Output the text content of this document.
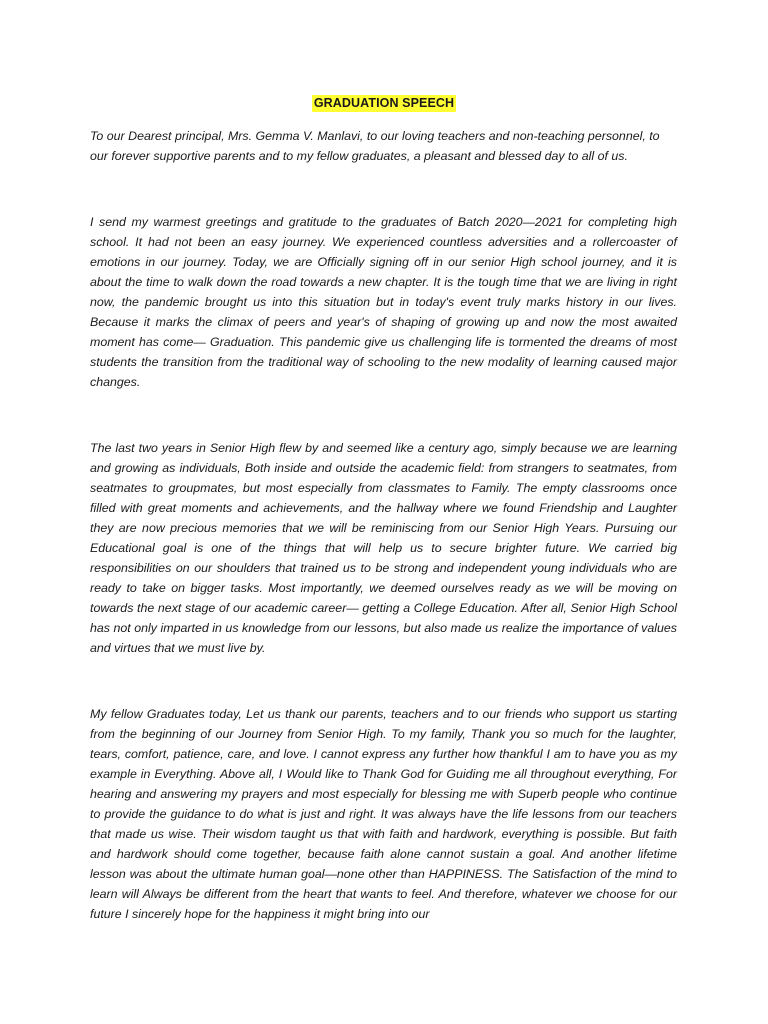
GRADUATION SPEECH

To our Dearest principal, Mrs. Gemma V. Manlavi, to our loving teachers and non-teaching personnel, to our forever supportive parents and to my fellow graduates, a pleasant and blessed day to all of us.

I send my warmest greetings and gratitude to the graduates of Batch 2020—2021 for completing high school. It had not been an easy journey. We experienced countless adversities and a rollercoaster of emotions in our journey. Today, we are Officially signing off in our senior High school journey, and it is about the time to walk down the road towards a new chapter. It is the tough time that we are living in right now, the pandemic brought us into this situation but in today's event truly marks history in our lives. Because it marks the climax of peers and year's of shaping of growing up and now the most awaited moment has come— Graduation. This pandemic give us challenging life is tormented the dreams of most students the transition from the traditional way of schooling to the new modality of learning caused major changes.

The last two years in Senior High flew by and seemed like a century ago, simply because we are learning and growing as individuals, Both inside and outside the academic field: from strangers to seatmates, from seatmates to groupmates, but most especially from classmates to Family. The empty classrooms once filled with great moments and achievements, and the hallway where we found Friendship and Laughter they are now precious memories that we will be reminiscing from our Senior High Years. Pursuing our Educational goal is one of the things that will help us to secure brighter future. We carried big responsibilities on our shoulders that trained us to be strong and independent young individuals who are ready to take on bigger tasks. Most importantly, we deemed ourselves ready as we will be moving on towards the next stage of our academic career— getting a College Education. After all, Senior High School has not only imparted in us knowledge from our lessons, but also made us realize the importance of values and virtues that we must live by.

My fellow Graduates today, Let us thank our parents, teachers and to our friends who support us starting from the beginning of our Journey from Senior High. To my family, Thank you so much for the laughter, tears, comfort, patience, care, and love. I cannot express any further how thankful I am to have you as my example in Everything. Above all, I Would like to Thank God for Guiding me all throughout everything, For hearing and answering my prayers and most especially for blessing me with Superb people who continue to provide the guidance to do what is just and right. It was always have the life lessons from our teachers that made us wise. Their wisdom taught us that with faith and hardwork, everything is possible. But faith and hardwork should come together, because faith alone cannot sustain a goal. And another lifetime lesson was about the ultimate human goal—none other than HAPPINESS. The Satisfaction of the mind to learn will Always be different from the heart that wants to feel. And therefore, whatever we choose for our future I sincerely hope for the happiness it might bring into our
